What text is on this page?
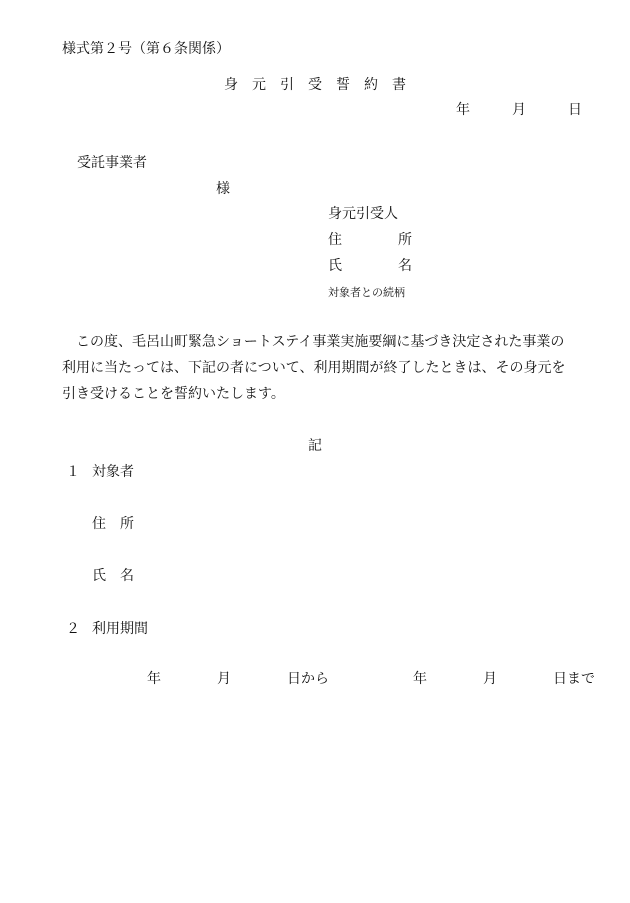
様式第２号（第６条関係）
身　元　引　受　誓　約　書
年　　　月　　　日
受託事業者
様
身元引受人
住　　　　所
氏　　　　名
対象者との続柄
　この度、毛呂山町緊急ショートステイ事業実施要綱に基づき決定された事業の利用に当たっては、下記の者について、利用期間が終了したときは、その身元を引き受けることを誓約いたします。
記
１ 対象者
住　所
氏　名
２ 利用期間
年　　　　月　　　　日から　　　　　　年　　　　月　　　　日まで
